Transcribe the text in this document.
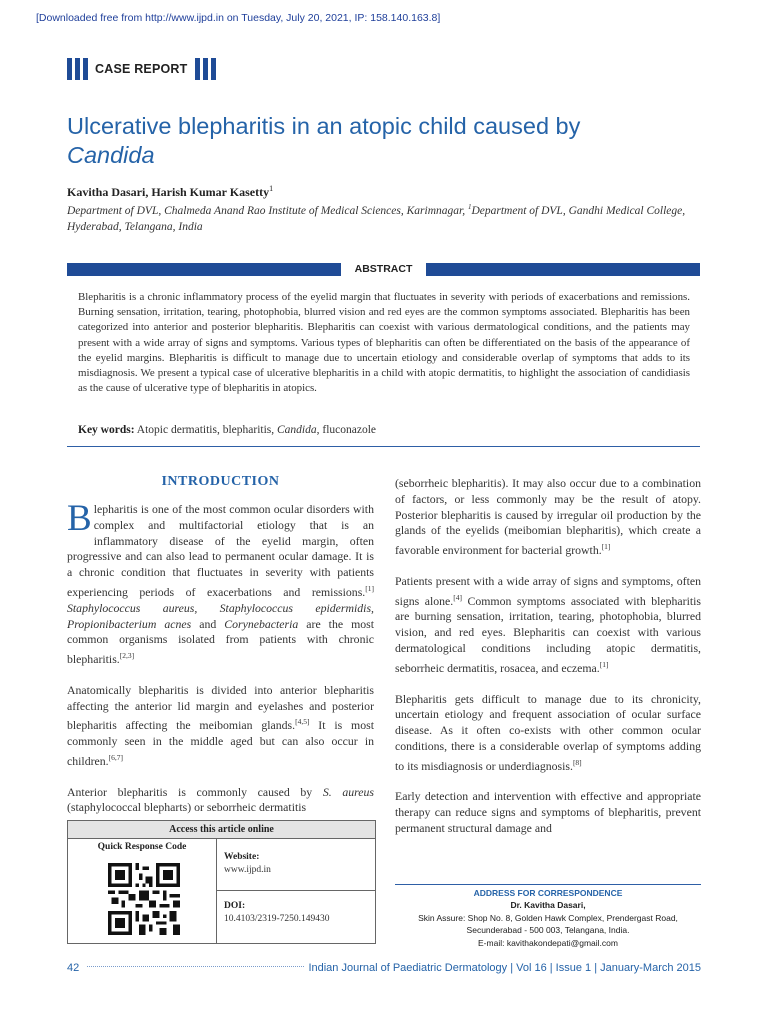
[Downloaded free from http://www.ijpd.in on Tuesday, July 20, 2021, IP: 158.140.163.8]
CASE REPORT
Ulcerative blepharitis in an atopic child caused by
Candida
Kavitha Dasari, Harish Kumar Kasetty$^1$
Department of DVL, Chalmeda Anand Rao Institute of Medical Sciences, Karimnagar, $^1$Department of DVL, Gandhi Medical College, Hyderabad, Telangana, India
ABSTRACT
Blepharitis is a chronic inflammatory process of the eyelid margin that fluctuates in severity with periods of exacerbations and remissions. Burning sensation, irritation, tearing, photophobia, blurred vision and red eyes are the common symptoms associated. Blepharitis has been categorized into anterior and posterior blepharitis. Blepharitis can coexist with various dermatological conditions, and the patients may present with a wide array of signs and symptoms. Various types of blepharitis can often be differentiated on the basis of the appearance of the eyelid margins. Blepharitis is difficult to manage due to uncertain etiology and considerable overlap of symptoms that adds to its misdiagnosis. We present a typical case of ulcerative blepharitis in a child with atopic dermatitis, to highlight the association of candidiasis as the cause of ulcerative type of blepharitis in atopics.
Key words: Atopic dermatitis, blepharitis, Candida, fluconazole
INTRODUCTION

Blepharitis is one of the most common ocular disorders with complex and multifactorial etiology that is an inflammatory disease of the eyelid margin, often progressive and can also lead to permanent ocular damage. It is a chronic condition that fluctuates in severity with patients experiencing periods of exacerbations and remissions.[1] Staphylococcus aureus, Staphylococcus epidermidis, Propionibacterium acnes and Corynebacteria are the most common organisms isolated from patients with chronic blepharitis.[2,3]

Anatomically blepharitis is divided into anterior blepharitis affecting the anterior lid margin and eyelashes and posterior blepharitis affecting the meibomian glands.[4,5] It is most commonly seen in the middle aged but can also occur in children.[6,7]

Anterior blepharitis is commonly caused by S. aureus (staphylococcal blepharts) or seborrheic dermatitis

(seborrheic blepharitis). It may also occur due to a combination of factors, or less commonly may be the result of atopy. Posterior blepharitis is caused by irregular oil production by the glands of the eyelids (meibomian blepharitis), which create a favorable environment for bacterial growth.[1]

Patients present with a wide array of signs and symptoms, often signs alone.[4] Common symptoms associated with blepharitis are burning sensation, irritation, tearing, photophobia, blurred vision, and red eyes. Blepharitis can coexist with various dermatological conditions including atopic dermatitis, seborrheic dermatitis, rosacea, and eczema.[1]

Blepharitis gets difficult to manage due to its chronicity, uncertain etiology and frequent association of ocular surface disease. As it often co-exists with other common ocular conditions, there is a considerable overlap of symptoms adding to its misdiagnosis or underdiagnosis.[8]

Early detection and intervention with effective and appropriate therapy can reduce signs and symptoms of blepharitis, prevent permanent structural damage and

Access this article online
Quick Response Code
Website:
www.ijpd.in
DOI:
10.4103/2319-7250.149430
ADDRESS FOR CORRESPONDENCE
Dr. Kavitha Dasari,
Skin Assure: Shop No. 8, Golden Hawk Complex, Prendergast Road,
Secunderabad - 500 003, Telangana, India.
E-mail: kavithakondepati@gmail.com
42	Indian Journal of Paediatric Dermatology | Vol 16 | Issue 1 | January-March 2015
